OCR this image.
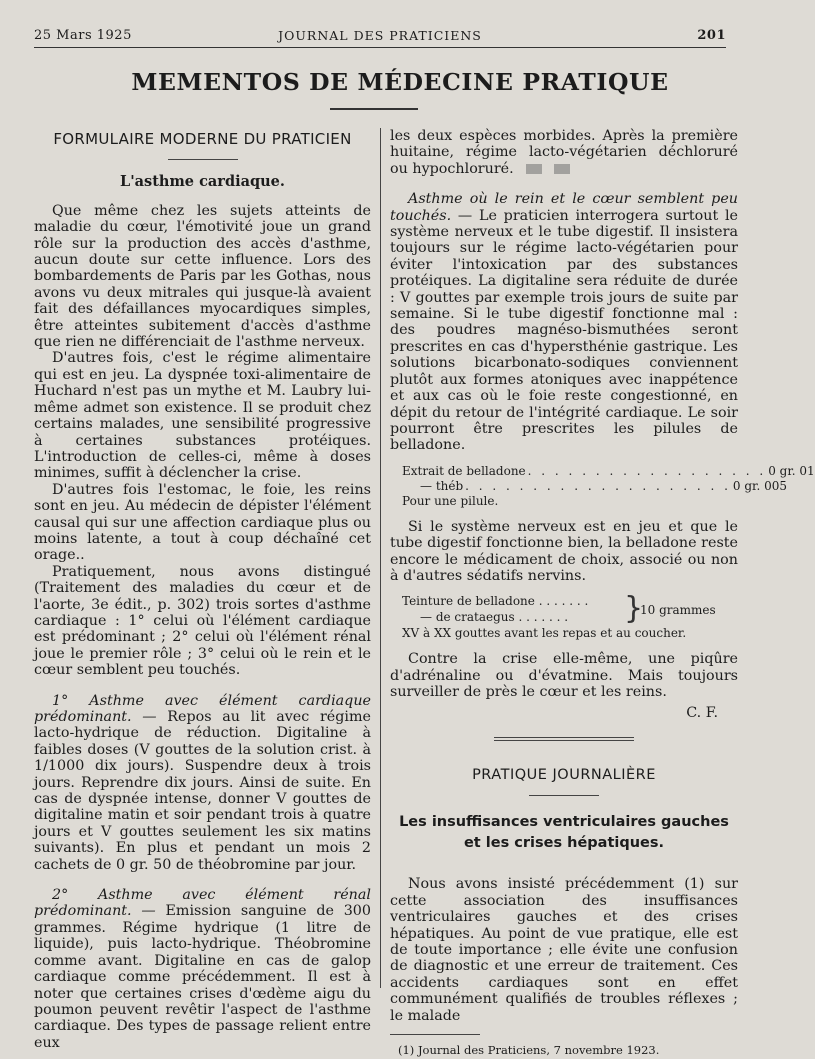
25 Mars 1925	JOURNAL DES PRATICIENS	201
MEMENTOS DE MÉDECINE PRATIQUE
FORMULAIRE MODERNE DU PRATICIEN
L'asthme cardiaque.

Que même chez les sujets atteints de maladie du cœur, l'émotivité joue un grand rôle sur la production des accès d'asthme, aucun doute sur cette influence. Lors des bombardements de Paris par les Gothas, nous avons vu deux mitrales qui jusque-là avaient fait des défaillances myocardiques simples, être atteintes subitement d'accès d'asthme que rien ne différenciait de l'asthme nerveux.

D'autres fois, c'est le régime alimentaire qui est en jeu. La dyspnée toxi-alimentaire de Huchard n'est pas un mythe et M. Laubry lui-même admet son existence. Il se produit chez certains malades, une sensibilité progressive à certaines substances protéiques. L'introduction de celles-ci, même à doses minimes, suffit à déclencher la crise.

D'autres fois l'estomac, le foie, les reins sont en jeu. Au médecin de dépister l'élément causal qui sur une affection cardiaque plus ou moins latente, a tout à coup déchaîné cet orage..

Pratiquement, nous avons distingué (Traitement des maladies du cœur et de l'aorte, 3e édit., p. 302) trois sortes d'asthme cardiaque : 1° celui où l'élément cardiaque est prédominant ; 2° celui où l'élément rénal joue le premier rôle ; 3° celui où le rein et le cœur semblent peu touchés.

1° Asthme avec élément cardiaque prédominant. — Repos au lit avec régime lacto-hydrique de réduction. Digitaline à faibles doses (V gouttes de la solution crist. à 1/1000 dix jours). Suspendre deux à trois jours. Reprendre dix jours. Ainsi de suite. En cas de dyspnée intense, donner V gouttes de digitaline matin et soir pendant trois à quatre jours et V gouttes seulement les six matins suivants). En plus et pendant un mois 2 cachets de 0 gr. 50 de théobromine par jour.

2° Asthme avec élément rénal prédominant. — Emission sanguine de 300 grammes. Régime hydrique (1 litre de liquide), puis lacto-hydrique. Théobromine comme avant. Digitaline en cas de galop cardiaque comme précédemment. Il est à noter que certaines crises d'œdème aigu du poumon peuvent revêtir l'aspect de l'asthme cardiaque. Des types de passage relient entre eux

les deux espèces morbides. Après la première huitaine, régime lacto-végétarien déchloruré ou hypochloruré.

Asthme où le rein et le cœur semblent peu touchés. — Le praticien interrogera surtout le système nerveux et le tube digestif. Il insistera toujours sur le régime lacto-végétarien pour éviter l'intoxication par des substances protéiques. La digitaline sera réduite de durée : V gouttes par exemple trois jours de suite par semaine. Si le tube digestif fonctionne mal : des poudres magnéso-bismuthées seront prescrites en cas d'hypersthénie gastrique. Les solutions bicarbonato-sodiques conviennent plutôt aux formes atoniques avec inappétence et aux cas où le foie reste congestionné, en dépit du retour de l'intégrité cardiaque. Le soir pourront être prescrites les pilules de belladone.

Extrait de belladone . . . . . . . . . . . . . . . . . . 0 gr. 01
— théb . . . . . . . . . . . . . . . . . . . . 0 gr. 005
Pour une pilule.

Si le système nerveux est en jeu et que le tube digestif fonctionne bien, la belladone reste encore le médicament de choix, associé ou non à d'autres sédatifs nervins.

Teinture de belladone . . . . . . .
— de crataegus . . . . . . . }
10 grammes
XV à XX gouttes avant les repas et au coucher.

Contre la crise elle-même, une piqûre d'adrénaline ou d'évatmine. Mais toujours surveiller de près le cœur et les reins.

C. F.
PRATIQUE JOURNALIÈRE
Les insuffisances ventriculaires gauches
et les crises hépatiques.

Nous avons insisté précédemment (1) sur cette association des insuffisances ventriculaires gauches et des crises hépatiques. Au point de vue pratique, elle est de toute importance ; elle évite une confusion de diagnostic et une erreur de traitement. Ces accidents cardiaques sont en effet communément qualifiés de troubles réflexes ; le malade

(1) Journal des Praticiens, 7 novembre 1923.
